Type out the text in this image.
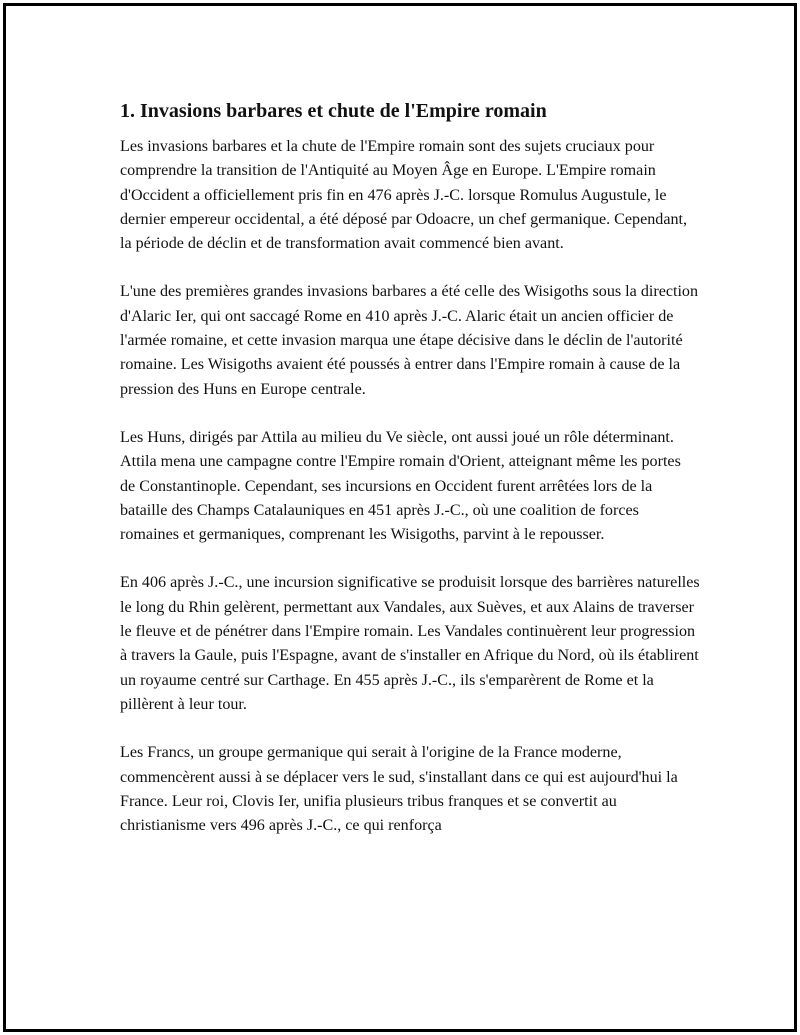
1. Invasions barbares et chute de l'Empire romain

Les invasions barbares et la chute de l'Empire romain sont des sujets cruciaux pour comprendre la transition de l'Antiquité au Moyen Âge en Europe. L'Empire romain d'Occident a officiellement pris fin en 476 après J.-C. lorsque Romulus Augustule, le dernier empereur occidental, a été déposé par Odoacre, un chef germanique. Cependant, la période de déclin et de transformation avait commencé bien avant.

L'une des premières grandes invasions barbares a été celle des Wisigoths sous la direction d'Alaric Ier, qui ont saccagé Rome en 410 après J.-C. Alaric était un ancien officier de l'armée romaine, et cette invasion marqua une étape décisive dans le déclin de l'autorité romaine. Les Wisigoths avaient été poussés à entrer dans l'Empire romain à cause de la pression des Huns en Europe centrale.

Les Huns, dirigés par Attila au milieu du Ve siècle, ont aussi joué un rôle déterminant. Attila mena une campagne contre l'Empire romain d'Orient, atteignant même les portes de Constantinople. Cependant, ses incursions en Occident furent arrêtées lors de la bataille des Champs Catalauniques en 451 après J.-C., où une coalition de forces romaines et germaniques, comprenant les Wisigoths, parvint à le repousser.

En 406 après J.-C., une incursion significative se produisit lorsque des barrières naturelles le long du Rhin gelèrent, permettant aux Vandales, aux Suèves, et aux Alains de traverser le fleuve et de pénétrer dans l'Empire romain. Les Vandales continuèrent leur progression à travers la Gaule, puis l'Espagne, avant de s'installer en Afrique du Nord, où ils établirent un royaume centré sur Carthage. En 455 après J.-C., ils s'emparèrent de Rome et la pillèrent à leur tour.

Les Francs, un groupe germanique qui serait à l'origine de la France moderne, commencèrent aussi à se déplacer vers le sud, s'installant dans ce qui est aujourd'hui la France. Leur roi, Clovis Ier, unifia plusieurs tribus franques et se convertit au christianisme vers 496 après J.-C., ce qui renforça
